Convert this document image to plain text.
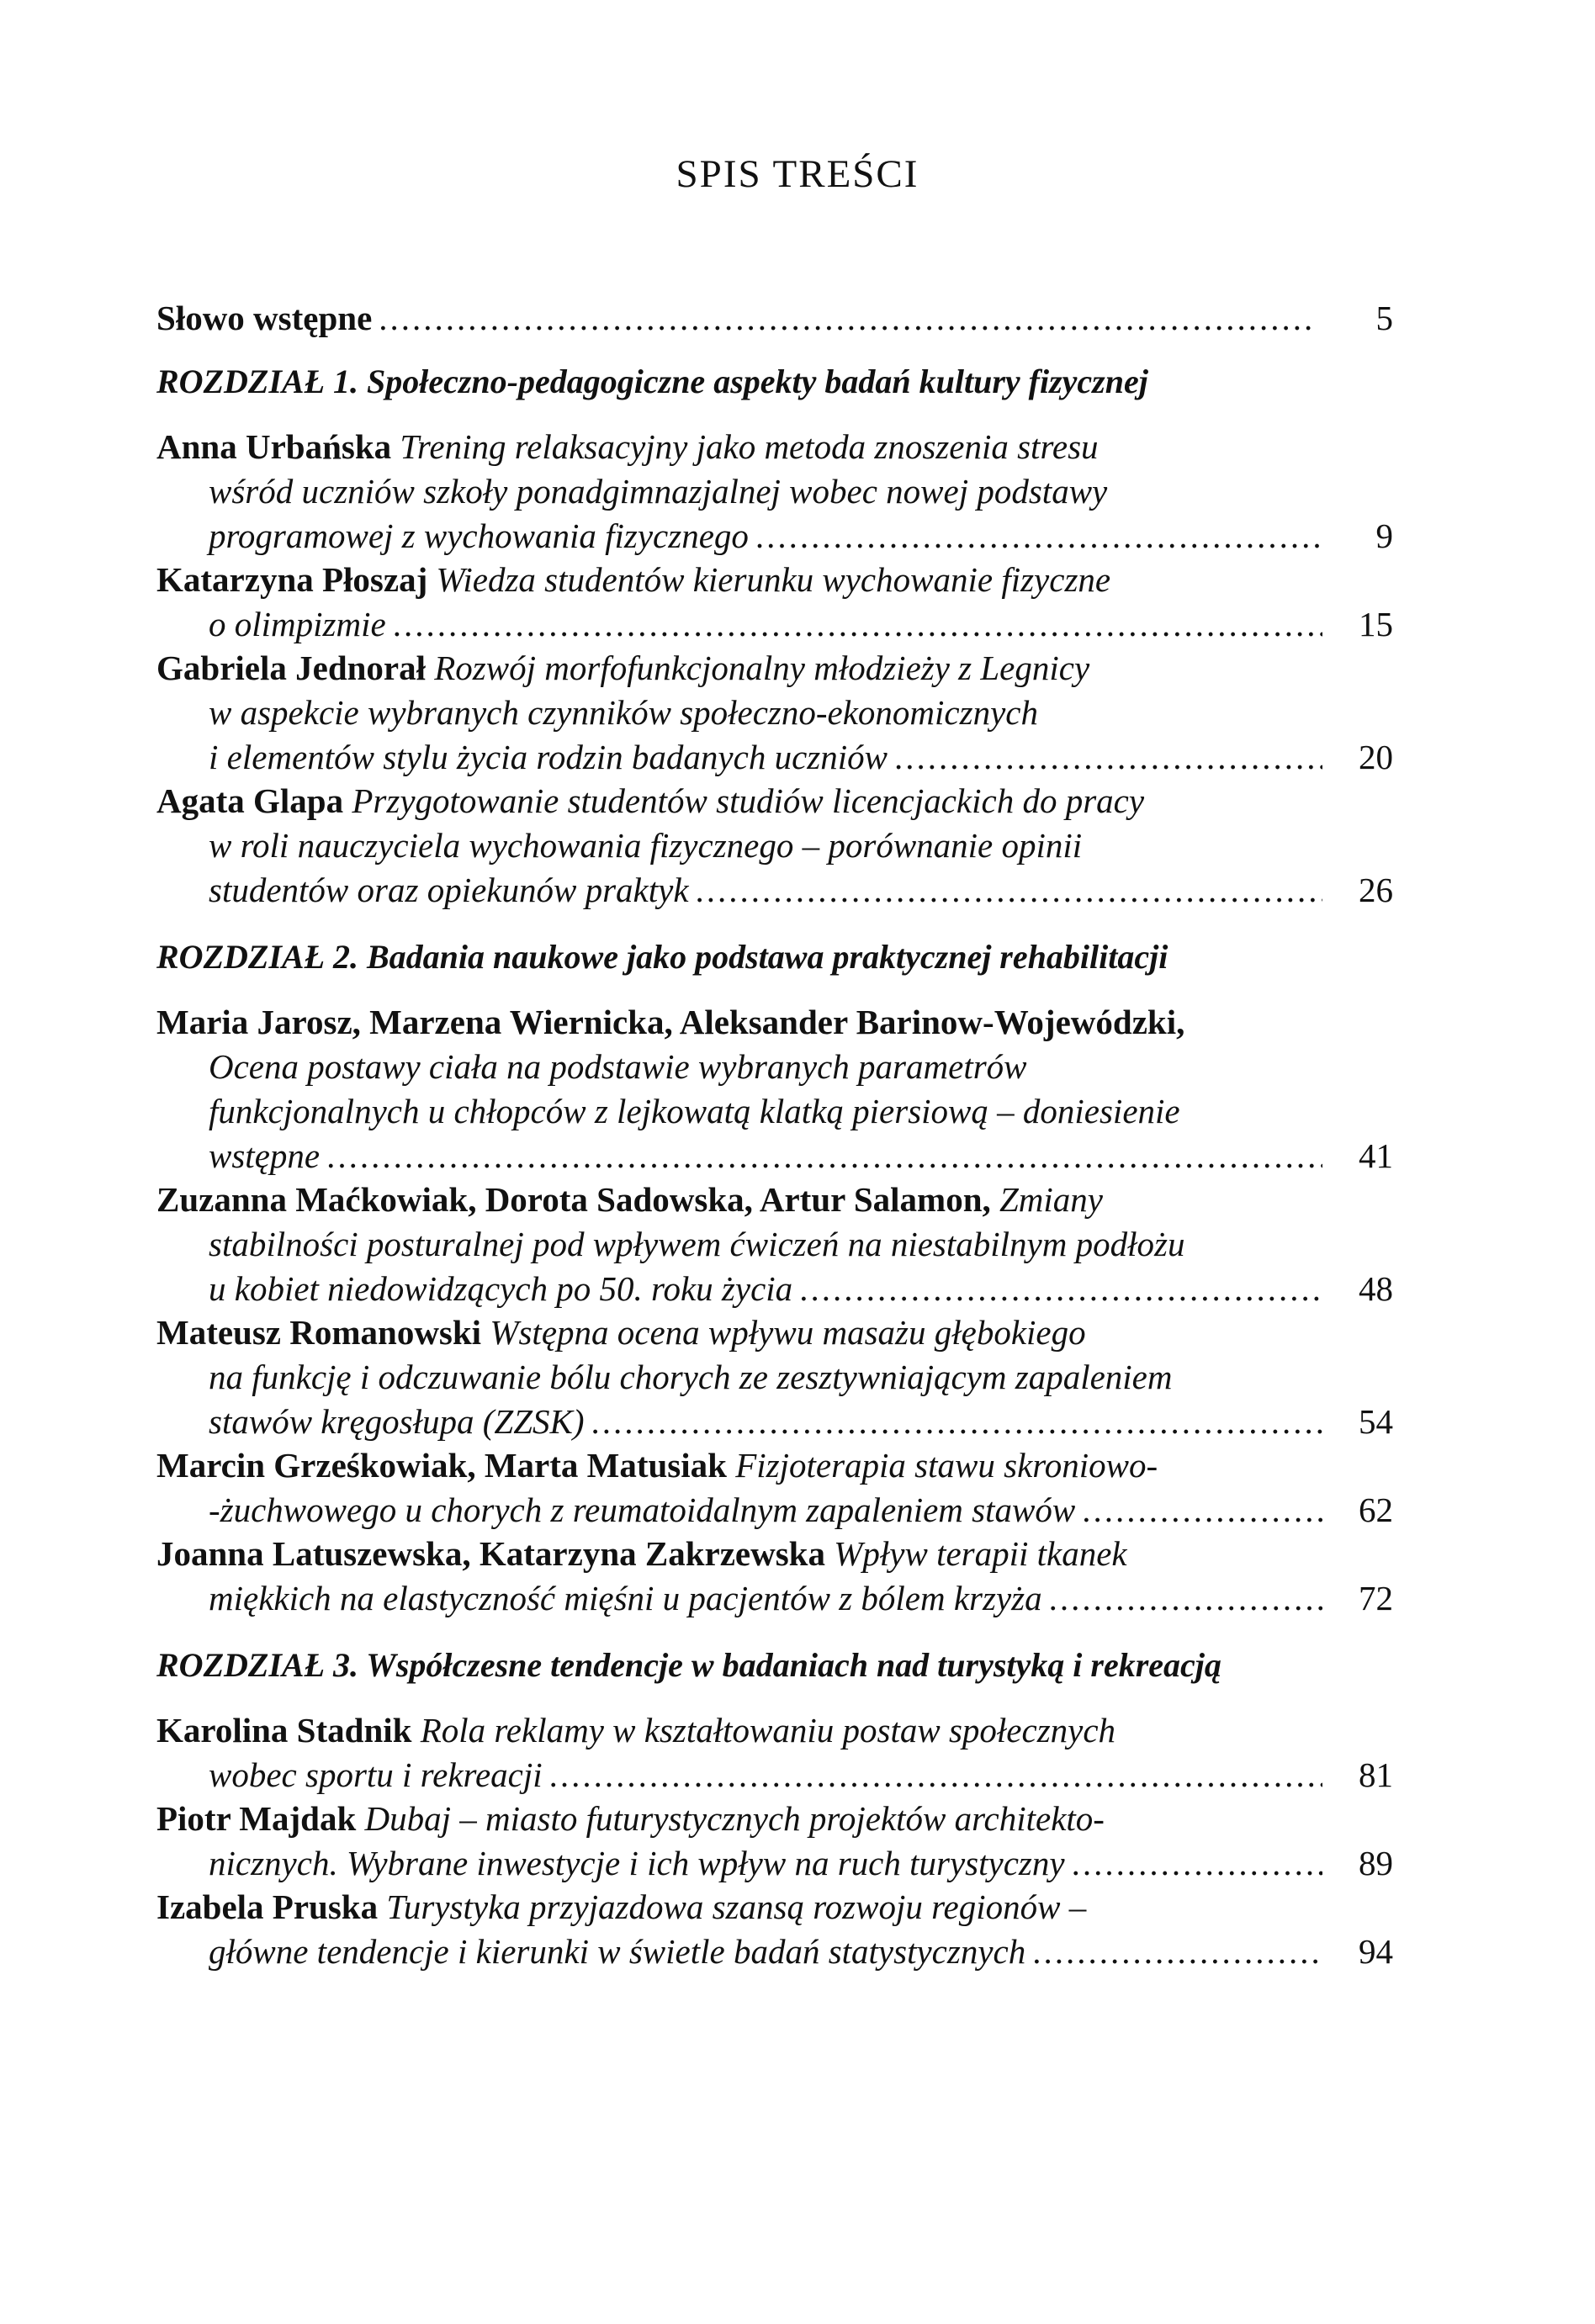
SPIS TREŚCI
Słowo wstępne .....	5
ROZDZIAŁ 1. Społeczno-pedagogiczne aspekty badań kultury fizycznej
Anna Urbańska Trening relaksacyjny jako metoda znoszenia stresu
wśród uczniów szkoły ponadgimnazjalnej wobec nowej podstawy
programowej z wychowania fizycznego .....	9
Katarzyna Płoszaj Wiedza studentów kierunku wychowanie fizyczne
o olimpizmie .....	15
Gabriela Jednorał Rozwój morfofunkcjonalny młodzieży z Legnicy
w aspekcie wybranych czynników społeczno-ekonomicznych
i elementów stylu życia rodzin badanych uczniów .....	20
Agata Glapa Przygotowanie studentów studiów licencjackich do pracy
w roli nauczyciela wychowania fizycznego – porównanie opinii
studentów oraz opiekunów praktyk .....	26
ROZDZIAŁ 2. Badania naukowe jako podstawa praktycznej rehabilitacji
Maria Jarosz, Marzena Wiernicka, Aleksander Barinow-Wojewódzki,
Ocena postawy ciała na podstawie wybranych parametrów
funkcjonalnych u chłopców z lejkowatą klatką piersiową – doniesienie
wstępne .....	41
Zuzanna Maćkowiak, Dorota Sadowska, Artur Salamon, Zmiany
stabilności posturalnej pod wpływem ćwiczeń na niestabilnym podłożu
u kobiet niedowidzących po 50. roku życia .....	48
Mateusz Romanowski Wstępna ocena wpływu masażu głębokiego
na funkcję i odczuwanie bólu chorych ze zesztywniającym zapaleniem
stawów kręgosłupa (ZZSK) .....	54
Marcin Grześkowiak, Marta Matusiak Fizjoterapia stawu skroniowo-
-żuchwowego u chorych z reumatoidalnym zapaleniem stawów .....	62
Joanna Latuszewska, Katarzyna Zakrzewska Wpływ terapii tkanek
miękkich na elastyczność mięśni u pacjentów z bólem krzyża .....	72
ROZDZIAŁ 3. Współczesne tendencje w badaniach nad turystyką i rekreacją
Karolina Stadnik Rola reklamy w kształtowaniu postaw społecznych
wobec sportu i rekreacji .....	81
Piotr Majdak Dubaj – miasto futurystycznych projektów architekto-
nicznych. Wybrane inwestycje i ich wpływ na ruch turystyczny .....	89
Izabela Pruska Turystyka przyjazdowa szansą rozwoju regionów –
główne tendencje i kierunki w świetle badań statystycznych .....	94
